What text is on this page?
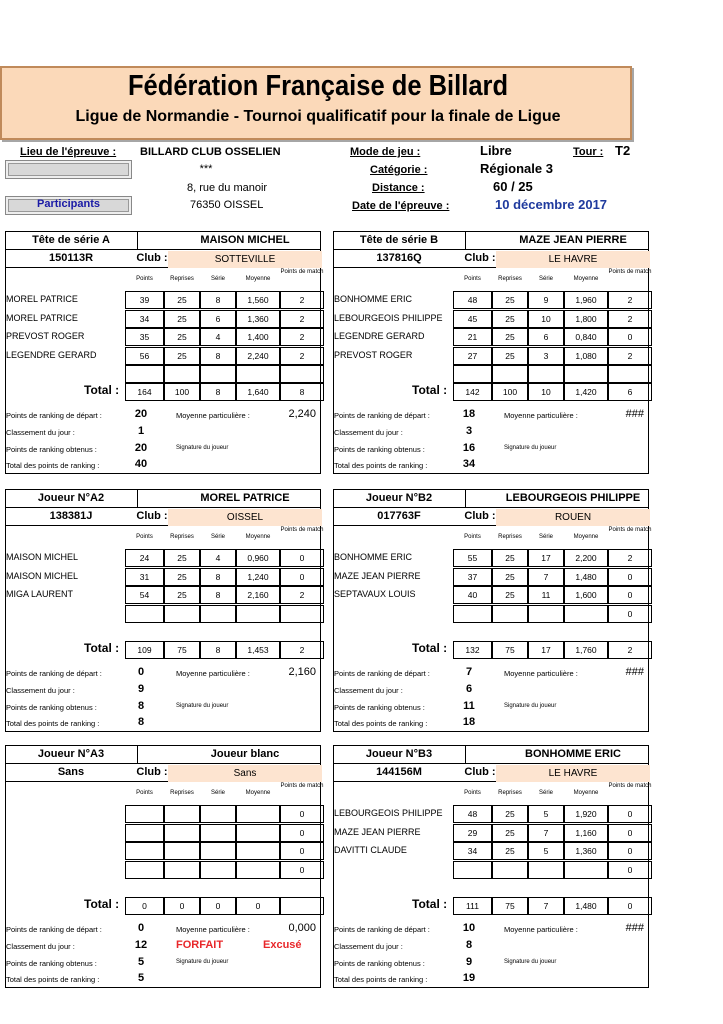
Fédération Française de Billard
Ligue de Normandie - Tournoi qualificatif pour la finale de Ligue
Participants
Lieu de l'épreuve : BILLARD CLUB OSSELIEN
***
8, rue du manoir
76350 OISSEL
Mode de jeu :	Libre	Tour : T2
Catégorie :	Régionale 3
Distance :	60 / 25
Date de l'épreuve :	10 décembre 2017
Tête de série A	MAISON MICHEL
150113R	Club :	SOTTEVILLE
Points	Reprises	Série	Moyenne
Points de match
MOREL PATRICE	39	25	8	1,560	2
MOREL PATRICE	34	25	6	1,360	2
PREVOST ROGER	35	25	4	1,400	2
LEGENDRE GERARD	56	25	8	2,240	2
Total :	164	100	8	1,640	8
Points de ranking de départ :	20	Moyenne particulière :	2,240
Classement du jour :	1
Points de ranking obtenus :	20	Signature du joueur
Total des points de ranking :	40
Tête de série B	MAZE JEAN PIERRE
137816Q	Club :	LE HAVRE
Points	Reprises	Série	Moyenne
Points de match
BONHOMME ERIC	48	25	9	1,960	2
LEBOURGEOIS PHILIPPE	45	25	10	1,800	2
LEGENDRE GERARD	21	25	6	0,840	0
PREVOST ROGER	27	25	3	1,080	2
Total :	142	100	10	1,420	6
Points de ranking de départ :	18	Moyenne particulière :	###
Classement du jour :	3
Points de ranking obtenus :	16	Signature du joueur
Total des points de ranking :	34
Joueur N°A2	MOREL PATRICE
138381J	Club :	OISSEL
Points	Reprises	Série	Moyenne
Points de match
MAISON MICHEL	24	25	4	0,960	0
MAISON MICHEL	31	25	8	1,240	0
MIGA LAURENT	54	25	8	2,160	2
Total :	109	75	8	1,453	2
Points de ranking de départ :	0	Moyenne particulière :	2,160
Classement du jour :	9
Points de ranking obtenus :	8	Signature du joueur
Total des points de ranking :	8
Joueur N°B2	LEBOURGEOIS PHILIPPE
017763F	Club :	ROUEN
Points	Reprises	Série	Moyenne
Points de match
BONHOMME ERIC	55	25	17	2,200	2
MAZE JEAN PIERRE	37	25	7	1,480	0
SEPTAVAUX LOUIS	40	25	11	1,600	0
0
Total :	132	75	17	1,760	2
Points de ranking de départ :	7	Moyenne particulière :	###
Classement du jour :	6
Points de ranking obtenus :	11	Signature du joueur
Total des points de ranking :	18
Joueur N°A3	Joueur blanc
Sans	Club :	Sans
Points	Reprises	Série	Moyenne
Points de match
0
0
0
0
Total :	0	0	0	0
Points de ranking de départ :	0	Moyenne particulière :	0,000
Classement du jour :	12	FORFAIT	Excusé
Points de ranking obtenus :	5	Signature du joueur
Total des points de ranking :	5
Joueur N°B3	BONHOMME ERIC
144156M	Club :	LE HAVRE
Points	Reprises	Série	Moyenne
Points de match
LEBOURGEOIS PHILIPPE	48	25	5	1,920	0
MAZE JEAN PIERRE	29	25	7	1,160	0
DAVITTI CLAUDE	34	25	5	1,360	0
0
Total :	111	75	7	1,480	0
Points de ranking de départ :	10	Moyenne particulière :	###
Classement du jour :	8
Points de ranking obtenus :	9	Signature du joueur
Total des points de ranking :	19
